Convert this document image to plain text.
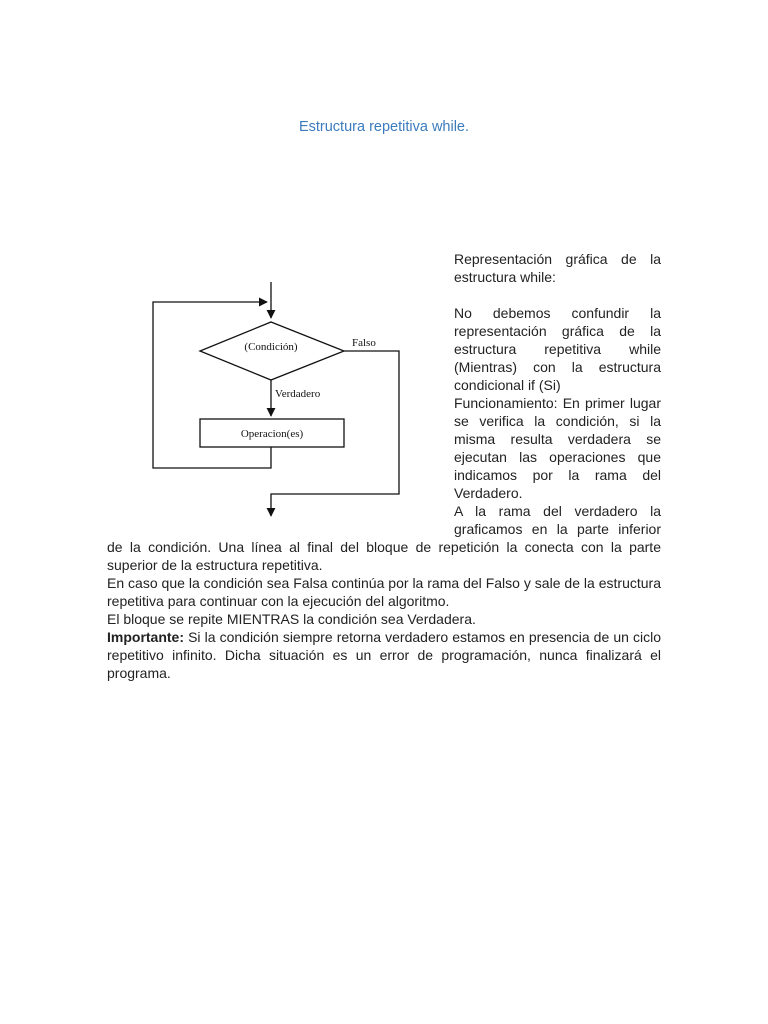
Estructura repetitiva while.
(Condición)	Falso
Verdadero
Operacion(es)

Representación gráfica de la estructura while:

No debemos confundir la representación gráfica de la estructura repetitiva while (Mientras) con la estructura condicional if (Si)

Funcionamiento: En primer lugar se verifica la condición, si la misma resulta verdadera se ejecutan las operaciones que indicamos por la rama del Verdadero.

A la rama del verdadero la graficamos en la parte inferior

de la condición. Una línea al final del bloque de repetición la conecta con la parte superior de la estructura repetitiva.

En caso que la condición sea Falsa continúa por la rama del Falso y sale de la estructura repetitiva para continuar con la ejecución del algoritmo.

El bloque se repite MIENTRAS la condición sea Verdadera.

Importante: Si la condición siempre retorna verdadero estamos en presencia de un ciclo repetitivo infinito. Dicha situación es un error de programación, nunca finalizará el programa.
